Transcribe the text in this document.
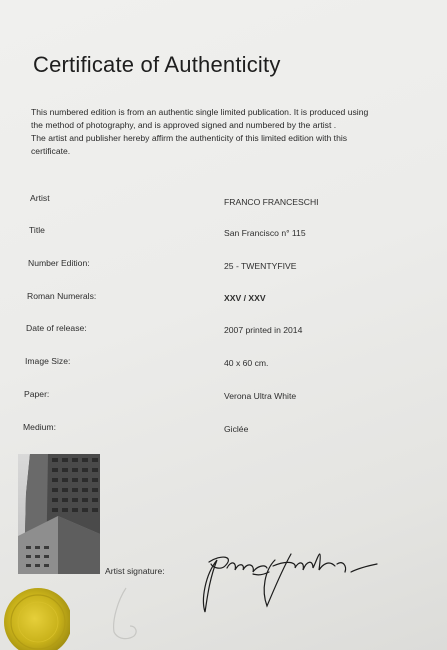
Certificate of Authenticity

This numbered edition is from an authentic single limited publication. It is produced using

the method of photography, and is approved signed and numbered by the artist .

The artist and publisher hereby affirm the authenticity of this limited edition with this

certificate.

Artist	FRANCO FRANCESCHI
Title	San Francisco n° 115
Number Edition:	25 - TWENTYFIVE
Roman Numerals:	XXV / XXV
Date of release:	2007 printed in 2014
Image Size:	40 x 60 cm.
Paper:	Verona Ultra White
Medium:	Giclée
Artist signature:
